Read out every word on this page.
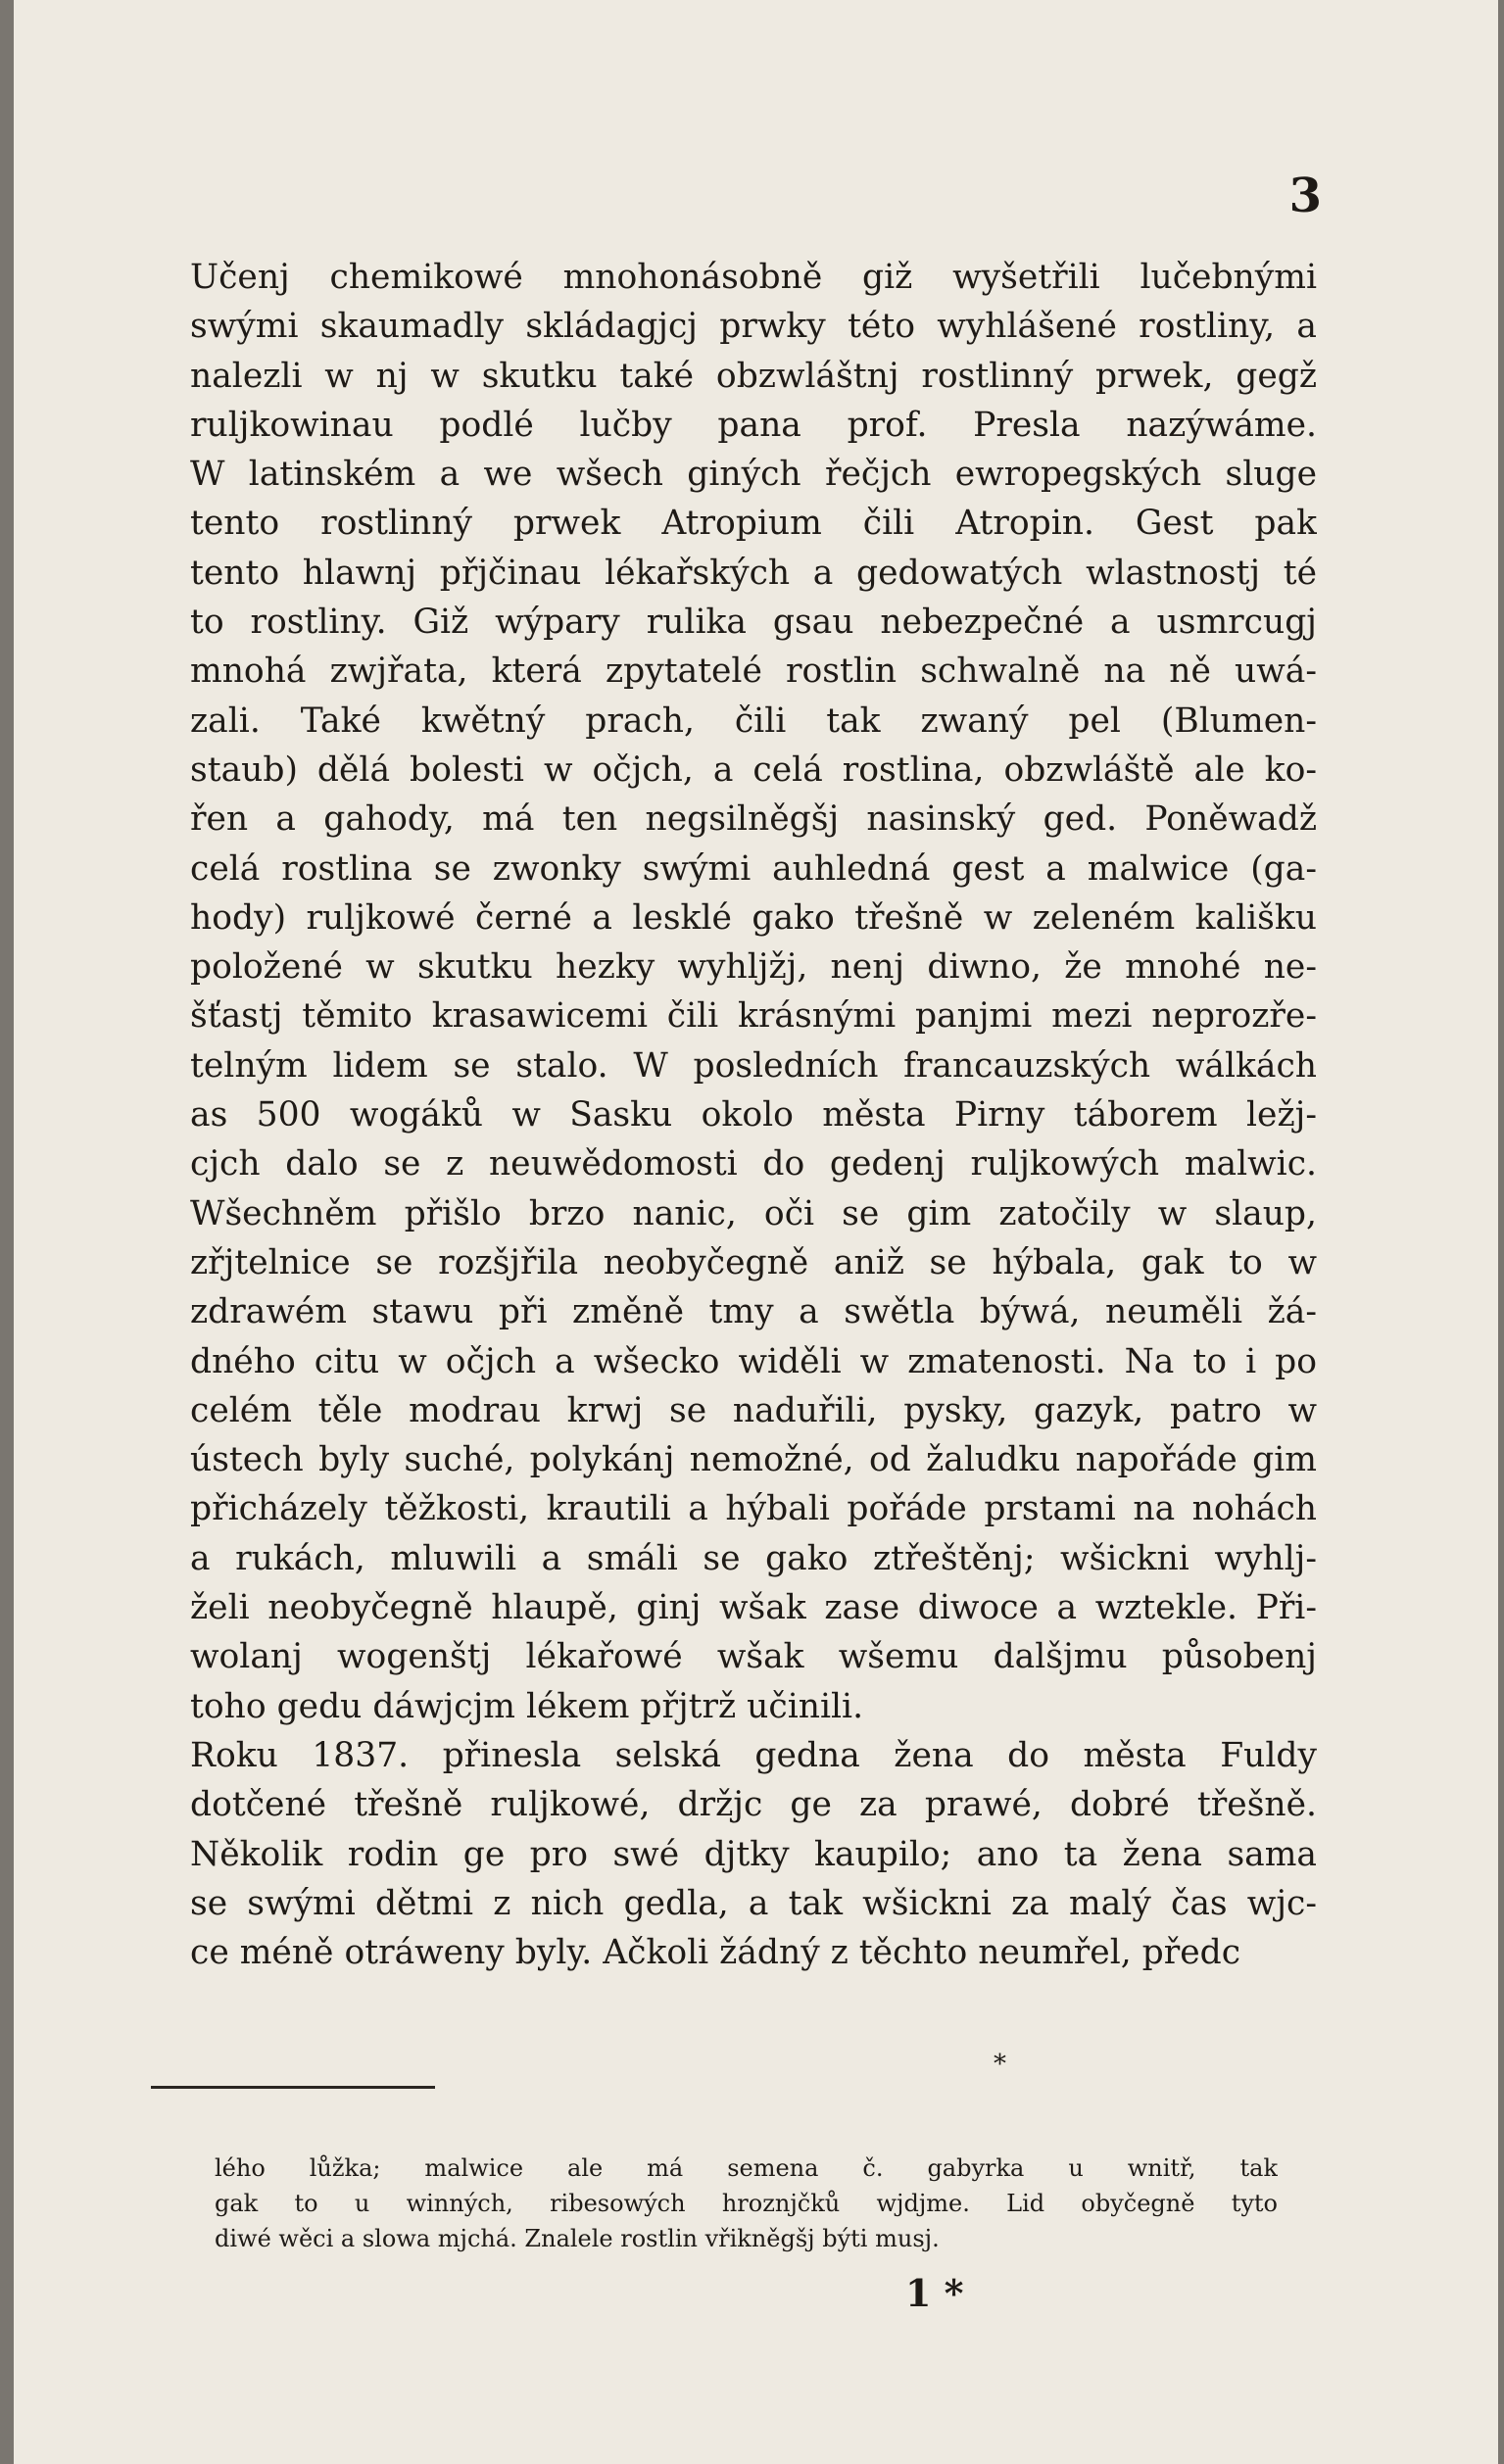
3
Učenj chemikowé mnohonásobně giž wyšetřili lučebnými
swými skaumadly skládagjcj prwky této wyhlášené rostliny, a
nalezli w nj w skutku také obzwláštnj rostlinný prwek, gegž
ruljkowinau podlé lučby pana prof. Presla nazýwáme.
W latinském a we wšech giných řečjch ewropegských sluge
tento rostlinný prwek Atropium čili Atropin. Gest pak
tento hlawnj přjčinau lékařských a gedowatých wlastnostj té
to rostliny. Giž wýpary rulika gsau nebezpečné a usmrcugj
mnohá zwjřata, která zpytatelé rostlin schwalně na ně uwá-
zali. Také kwětný prach, čili tak zwaný pel (Blumen-
staub) dělá bolesti w očjch, a celá rostlina, obzwláště ale ko-
řen a gahody, má ten negsilněgšj nasinský ged. Poněwadž
celá rostlina se zwonky swými auhledná gest a malwice (ga-
hody) ruljkowé černé a lesklé gako třešně w zeleném kališku
položené w skutku hezky wyhljžj, nenj diwno, že mnohé ne-
šťastj těmito krasawicemi čili krásnými panjmi mezi neprozře-
telným lidem se stalo. W posledních francauzských wálkách
as 500 wogáků w Sasku okolo města Pirny táborem ležj-
cjch dalo se z neuwědomosti do gedenj ruljkowých malwic.
Wšechněm přišlo brzo nanic, oči se gim zatočily w slaup,
zřjtelnice se rozšjřila neobyčegně aniž se hýbala, gak to w
zdrawém stawu při změně tmy a swětla býwá, neuměli žá-
dného citu w očjch a wšecko widěli w zmatenosti. Na to i po
celém těle modrau krwj se naduřili, pysky, gazyk, patro w
ústech byly suché, polykánj nemožné, od žaludku napořáde gim
přicházely těžkosti, krautili a hýbali pořáde prstami na nohách
a rukách, mluwili a smáli se gako ztřeštěnj; wšickni wyhlj-
želi neobyčegně hlaupě, ginj wšak zase diwoce a wztekle. Při-
wolanj wogenštj lékařowé wšak wšemu dalšjmu působenj
toho gedu dáwjcjm lékem přjtrž učinili.
Roku 1837. přinesla selská gedna žena do města Fuldy
dotčené třešně ruljkowé, držjc ge za prawé, dobré třešně.
Několik rodin ge pro swé djtky kaupilo; ano ta žena sama
se swými dětmi z nich gedla, a tak wšickni za malý čas wjc-
ce méně otráweny byly. Ačkoli žádný z těchto neumřel, předc
*
lého lůžka; malwice ale má semena č. gabyrka u wnitř, tak
gak to u winných, ribesowých hroznjčků wjdjme. Lid obyčegně tyto
diwé wěci a slowa mjchá. Znalele rostlin vřikněgšj býti musj.
1 *
